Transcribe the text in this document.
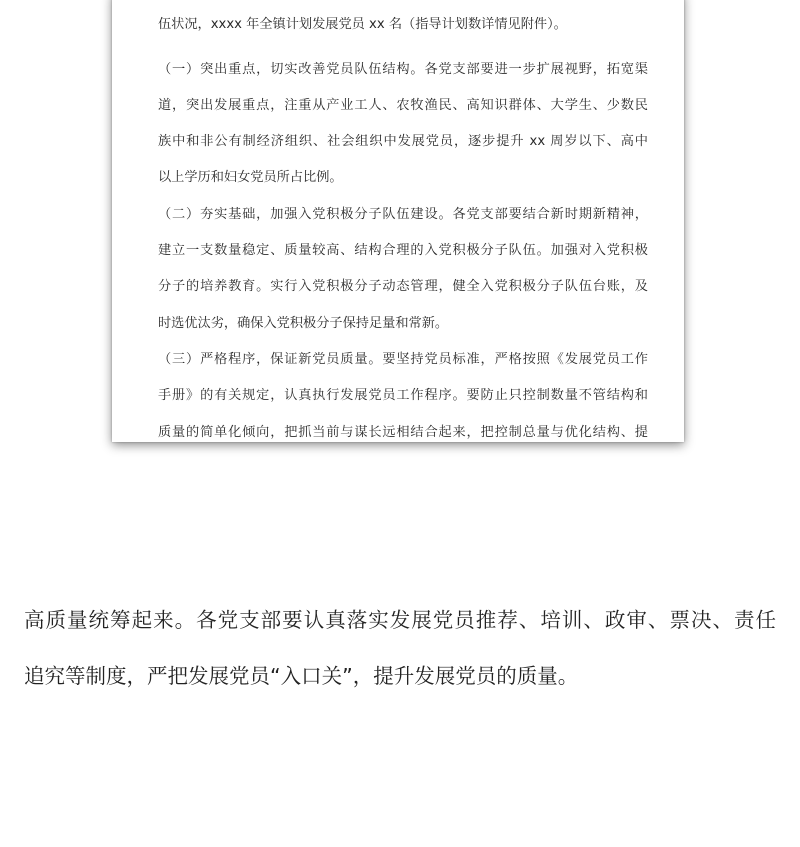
伍状况，xxxx 年全镇计划发展党员 xx 名（指导计划数详情见附件）。
（一）突出重点，切实改善党员队伍结构。各党支部要进一步扩展视野，拓宽渠
道，突出发展重点，注重从产业工人、农牧渔民、高知识群体、大学生、少数民
族中和非公有制经济组织、社会组织中发展党员，逐步提升 xx 周岁以下、高中
以上学历和妇女党员所占比例。
（二）夯实基础，加强入党积极分子队伍建设。各党支部要结合新时期新精神，
建立一支数量稳定、质量较高、结构合理的入党积极分子队伍。加强对入党积极
分子的培养教育。实行入党积极分子动态管理，健全入党积极分子队伍台账，及
时选优汰劣，确保入党积极分子保持足量和常新。
（三）严格程序，保证新党员质量。要坚持党员标准，严格按照《发展党员工作
手册》的有关规定，认真执行发展党员工作程序。要防止只控制数量不管结构和
质量的简单化倾向，把抓当前与谋长远相结合起来，把控制总量与优化结构、提
高质量统筹起来。各党支部要认真落实发展党员推荐、培训、政审、票决、责任
追究等制度，严把发展党员“入口关”，提升发展党员的质量。
